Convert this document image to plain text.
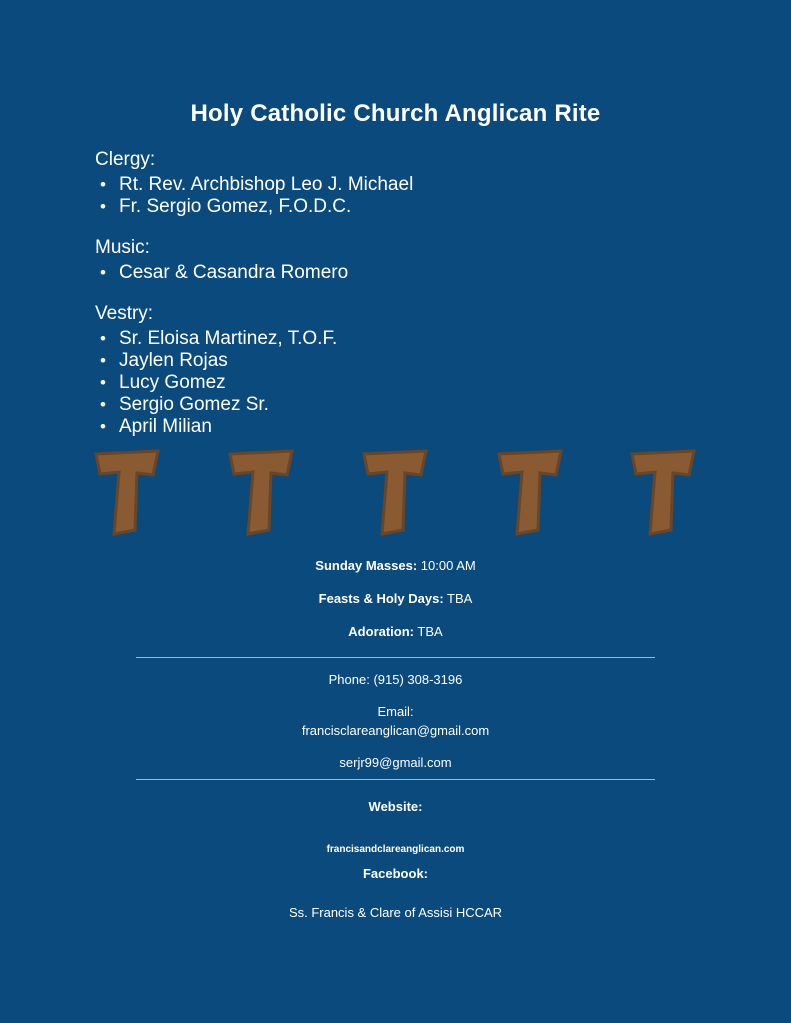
Holy Catholic Church Anglican Rite
Clergy:
• Rt. Rev. Archbishop Leo J. Michael
• Fr. Sergio Gomez, F.O.D.C.
Music:
• Cesar & Casandra Romero
Vestry:
• Sr. Eloisa Martinez, T.O.F.
• Jaylen Rojas
• Lucy Gomez
• Sergio Gomez Sr.
• April Milian
Sunday Masses: 10:00 AM
Feasts & Holy Days: TBA
Adoration: TBA
Phone: (915) 308-3196
Email:
francisclareanglican@gmail.com
serjr99@gmail.com
Website:
francisandclareanglican.com
Facebook:
Ss. Francis & Clare of Assisi HCCAR
